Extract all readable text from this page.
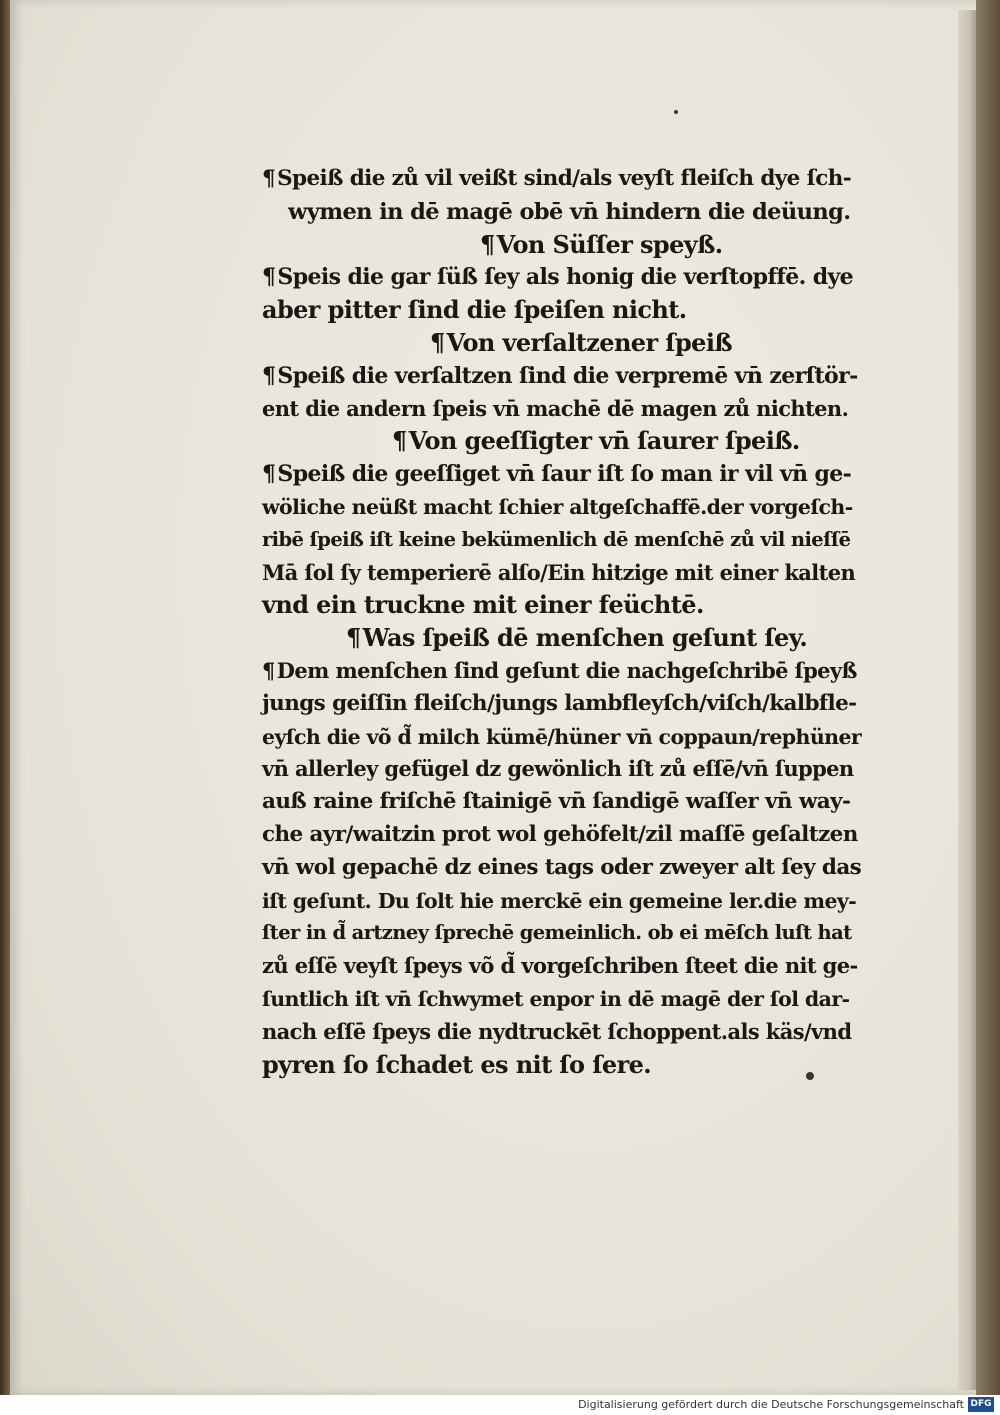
¶Speiß die zů vil veißt sind/als veyſt fleiſch dye ſch-
wymen in dē magē obē vn̄ hindern die deüung.
¶Von Süſſer speyß.
¶Speis die gar ſüß ſey als honig die verſtopffē. dye
aber pitter ſind die ſpeiſen nicht.
¶Von verſaltzener ſpeiß
¶Speiß die verſaltzen ſind die verpremē vn̄ zerſtör-
ent die andern ſpeis vn̄ machē dē magen zů nichten.
¶Von geeſſigter vn̄ ſaurer ſpeiß.
¶Speiß die geeſſiget vn̄ ſaur iſt ſo man ir vil vn̄ ge-
wöliche neüßt macht ſchier altgeſchaffē.der vorgeſch-
ribē ſpeiß iſt keine bekümenlich dē menſchē zů vil nieſſē
Mā ſol ſy temperierē alſo/Ein hitzige mit einer kalten
vnd ein truckne mit einer feüchtē.
¶Was ſpeiß dē menſchen geſunt ſey.
¶Dem menſchen ſind geſunt die nachgeſchribē ſpeyß
jungs geiſſin fleiſch/jungs lambfleyſch/viſch/kalbfle-
eyſch die võ d̃ milch kümē/hüner vn̄ coppaun/rephüner
vn̄ allerley gefügel dz gewönlich iſt zů eſſē/vn̄ ſuppen
auß raine friſchē ſtainigē vn̄ ſandigē waſſer vn̄ way-
che ayr/waitzin prot wol gehöfelt/zil maſſē geſaltzen
vn̄ wol gepachē dz eines tags oder zweyer alt ſey das
iſt geſunt. Du ſolt hie merckē ein gemeine ler.die mey-
ſter in d̃ artzney ſprechē gemeinlich. ob ei mēſch luſt hat
zů eſſē veyſt ſpeys võ d̃ vorgeſchriben ſteet die nit ge-
ſuntlich iſt vn̄ ſchwymet enpor in dē magē der ſol dar-
nach eſſē ſpeys die nydtruckēt ſchoppent.als käs/vnd
pyren ſo ſchadet es nit ſo ſere.
Digitalisierung gefördert durch die Deutsche Forschungsgemeinschaft DFG
